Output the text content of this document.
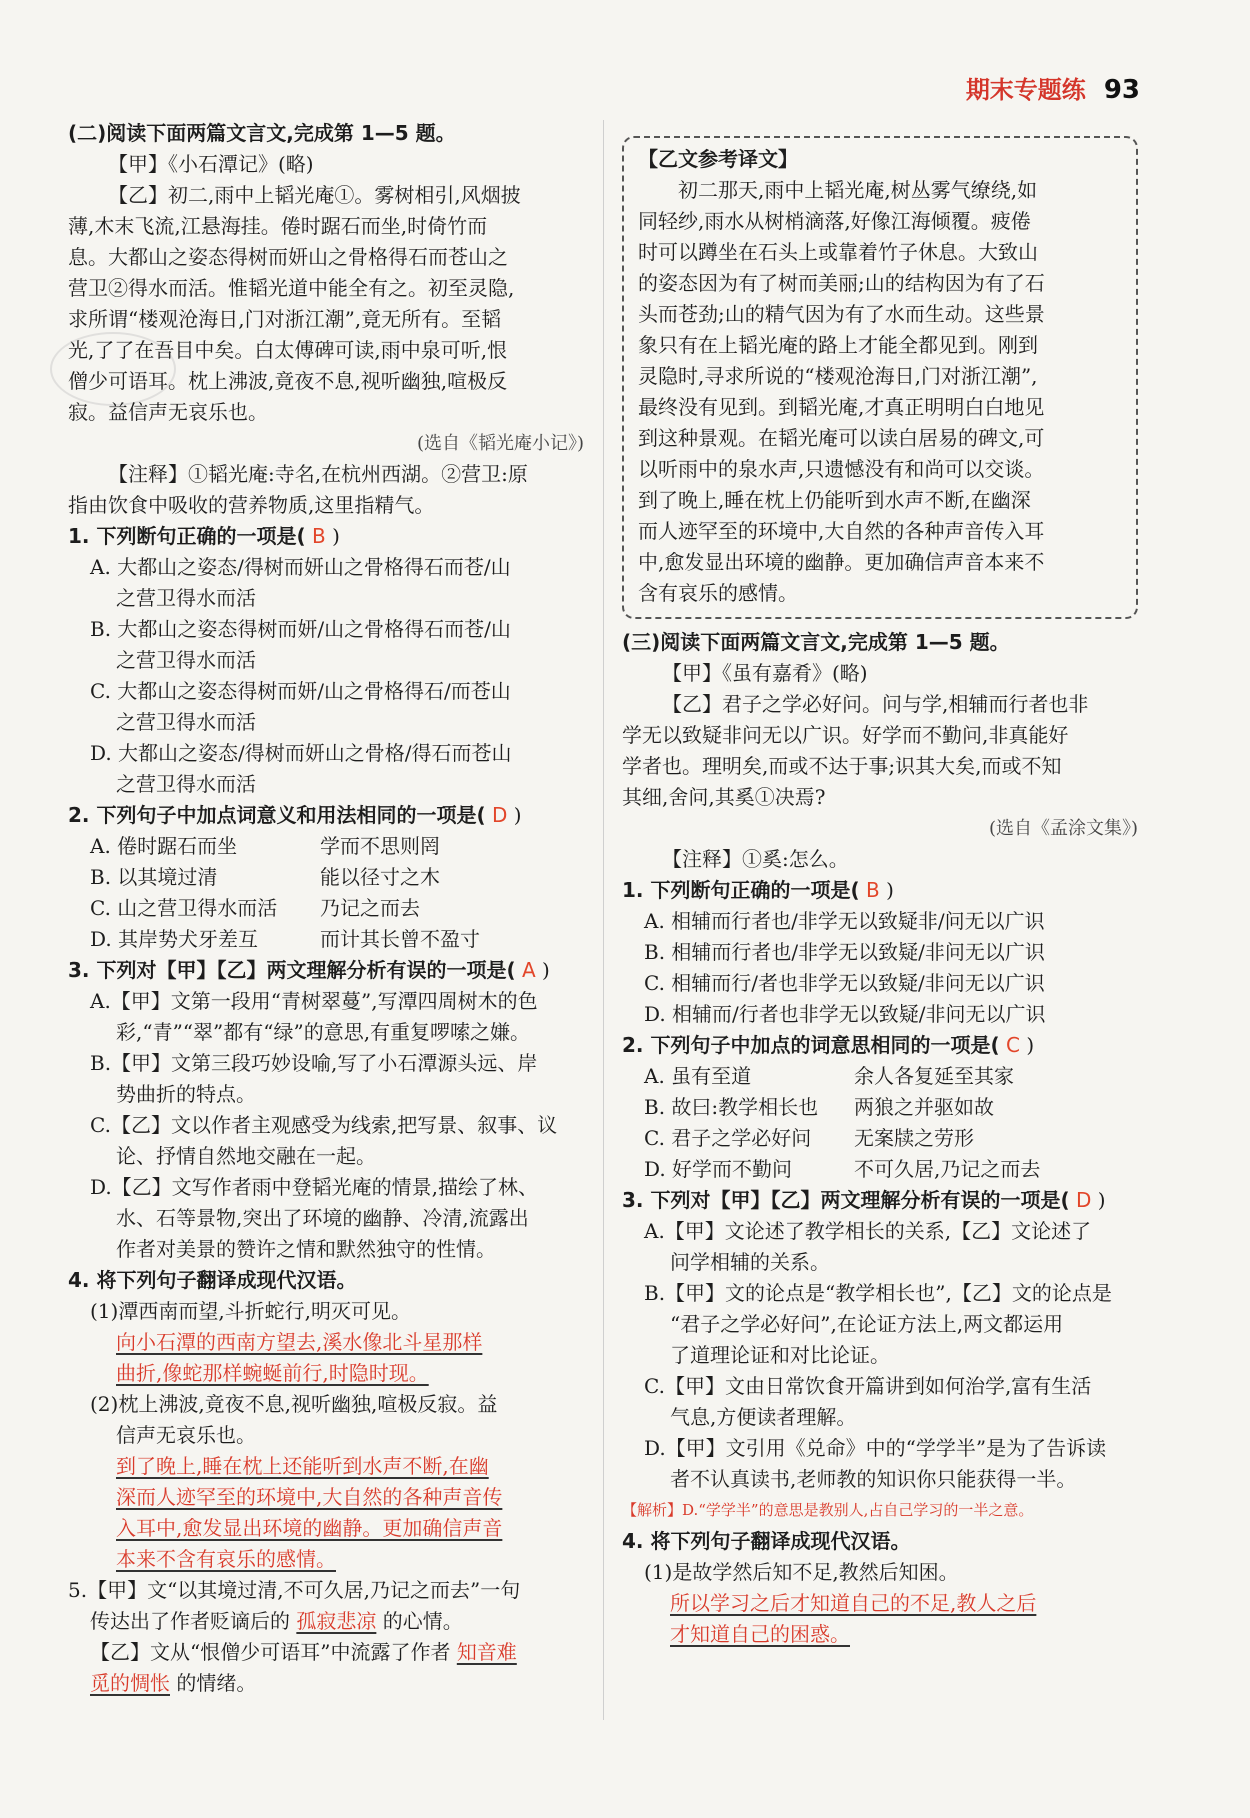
期末专题练 93

(二)阅读下面两篇文言文,完成第 1—5 题。

【甲】《小石潭记》(略)

【乙】初二,雨中上韬光庵①。雾树相引,风烟披

薄,木末飞流,江悬海挂。倦时踞石而坐,时倚竹而

息。大都山之姿态得树而妍山之骨格得石而苍山之

营卫②得水而活。惟韬光道中能全有之。初至灵隐,

求所谓“楼观沧海日,门对浙江潮”,竟无所有。至韬

光,了了在吾目中矣。白太傅碑可读,雨中泉可听,恨

僧少可语耳。枕上沸波,竟夜不息,视听幽独,喧极反

寂。益信声无哀乐也。

(选自《韬光庵小记》)

【注释】①韬光庵:寺名,在杭州西湖。②营卫:原

指由饮食中吸收的营养物质,这里指精气。

1. 下列断句正确的一项是( B )

A. 大都山之姿态/得树而妍山之骨格得石而苍/山

之营卫得水而活

B. 大都山之姿态得树而妍/山之骨格得石而苍/山

之营卫得水而活

C. 大都山之姿态得树而妍/山之骨格得石/而苍山

之营卫得水而活

D. 大都山之姿态/得树而妍山之骨格/得石而苍山

之营卫得水而活

2. 下列句子中加点词意义和用法相同的一项是( D )

A. 倦时踞石而坐	学而不思则罔
B. 以其境过清	能以径寸之木
C. 山之营卫得水而活	乃记之而去
D. 其岸势犬牙差互	而计其长曾不盈寸

3. 下列对【甲】【乙】两文理解分析有误的一项是( A )

A.【甲】文第一段用“青树翠蔓”,写潭四周树木的色

彩,“青”“翠”都有“绿”的意思,有重复啰嗦之嫌。

B.【甲】文第三段巧妙设喻,写了小石潭源头远、岸

势曲折的特点。

C.【乙】文以作者主观感受为线索,把写景、叙事、议

论、抒情自然地交融在一起。

D.【乙】文写作者雨中登韬光庵的情景,描绘了林、

水、石等景物,突出了环境的幽静、冷清,流露出

作者对美景的赞许之情和默然独守的性情。

4. 将下列句子翻译成现代汉语。

(1)潭西南而望,斗折蛇行,明灭可见。

向小石潭的西南方望去,溪水像北斗星那样

曲折,像蛇那样蜿蜒前行,时隐时现。

(2)枕上沸波,竟夜不息,视听幽独,喧极反寂。益

信声无哀乐也。

到了晚上,睡在枕上还能听到水声不断,在幽

深而人迹罕至的环境中,大自然的各种声音传

入耳中,愈发显出环境的幽静。更加确信声音

本来不含有哀乐的感情。

5.【甲】文“以其境过清,不可久居,乃记之而去”一句

传达出了作者贬谪后的 孤寂悲凉 的心情。

【乙】文从“恨僧少可语耳”中流露了作者 知音难

觅的惆怅 的情绪。

【乙文参考译文】

初二那天,雨中上韬光庵,树丛雾气缭绕,如

同轻纱,雨水从树梢滴落,好像江海倾覆。疲倦

时可以蹲坐在石头上或靠着竹子休息。大致山

的姿态因为有了树而美丽;山的结构因为有了石

头而苍劲;山的精气因为有了水而生动。这些景

象只有在上韬光庵的路上才能全都见到。刚到

灵隐时,寻求所说的“楼观沧海日,门对浙江潮”,

最终没有见到。到韬光庵,才真正明明白白地见

到这种景观。在韬光庵可以读白居易的碑文,可

以听雨中的泉水声,只遗憾没有和尚可以交谈。

到了晚上,睡在枕上仍能听到水声不断,在幽深

而人迹罕至的环境中,大自然的各种声音传入耳

中,愈发显出环境的幽静。更加确信声音本来不

含有哀乐的感情。

(三)阅读下面两篇文言文,完成第 1—5 题。

【甲】《虽有嘉肴》(略)

【乙】君子之学必好问。问与学,相辅而行者也非

学无以致疑非问无以广识。好学而不勤问,非真能好

学者也。理明矣,而或不达于事;识其大矣,而或不知

其细,舍问,其奚①决焉?

(选自《孟涂文集》)

【注释】①奚:怎么。

1. 下列断句正确的一项是( B )

A. 相辅而行者也/非学无以致疑非/问无以广识

B. 相辅而行者也/非学无以致疑/非问无以广识

C. 相辅而行/者也非学无以致疑/非问无以广识

D. 相辅而/行者也非学无以致疑/非问无以广识

2. 下列句子中加点的词意思相同的一项是( C )

A. 虽有至道	余人各复延至其家
B. 故曰:教学相长也	两狼之并驱如故
C. 君子之学必好问	无案牍之劳形
D. 好学而不勤问	不可久居,乃记之而去

3. 下列对【甲】【乙】两文理解分析有误的一项是( D )

A.【甲】文论述了教学相长的关系,【乙】文论述了

问学相辅的关系。

B.【甲】文的论点是“教学相长也”,【乙】文的论点是

“君子之学必好问”,在论证方法上,两文都运用

了道理论证和对比论证。

C.【甲】文由日常饮食开篇讲到如何治学,富有生活

气息,方便读者理解。

D.【甲】文引用《兑命》中的“学学半”是为了告诉读

者不认真读书,老师教的知识你只能获得一半。

【解析】D.“学学半”的意思是教别人,占自己学习的一半之意。

4. 将下列句子翻译成现代汉语。

(1)是故学然后知不足,教然后知困。

所以学习之后才知道自己的不足,教人之后

才知道自己的困惑。
